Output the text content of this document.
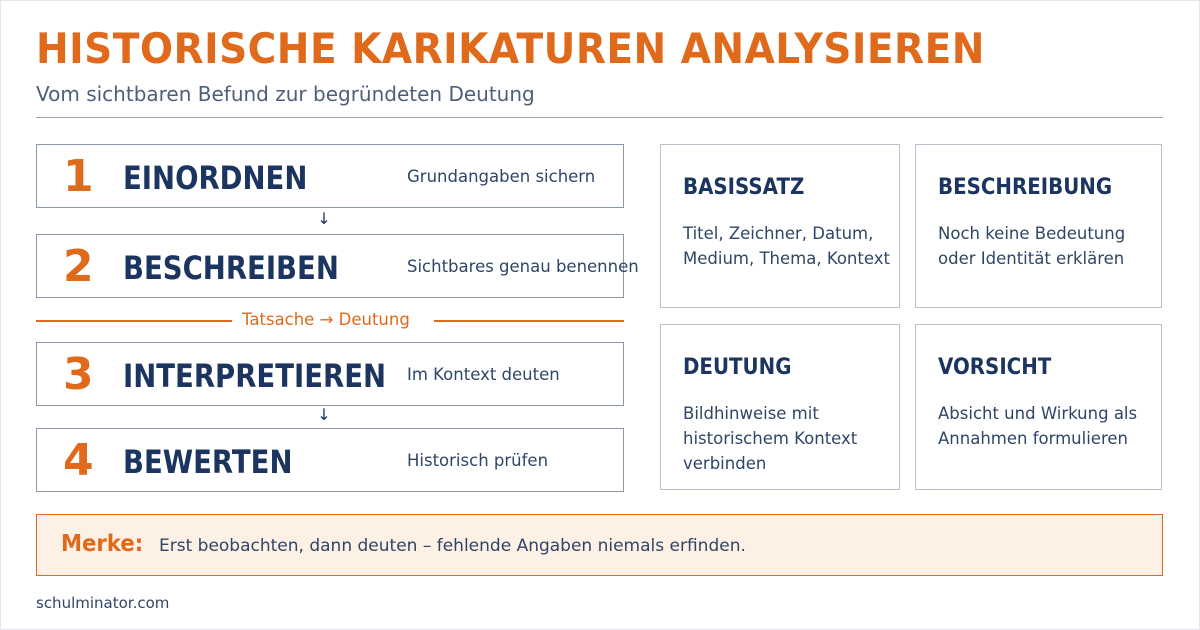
HISTORISCHE KARIKATUREN ANALYSIEREN
Vom sichtbaren Befund zur begründeten Deutung
1 EINORDNEN	Grundangaben sichern
↓
2 BESCHREIBEN	Sichtbares genau benennen
Tatsache → Deutung
3 INTERPRETIEREN Im Kontext deuten
↓
4 BEWERTEN	Historisch prüfen
BASISSATZ
Titel, Zeichner, Datum, Medium, Thema, Kontext
BESCHREIBUNG
Noch keine Bedeutung oder Identität erklären
DEUTUNG
Bildhinweise mit historischem Kontext verbinden
VORSICHT
Absicht und Wirkung als Annahmen formulieren
Merke: Erst beobachten, dann deuten – fehlende Angaben niemals erfinden.
schulminator.com
